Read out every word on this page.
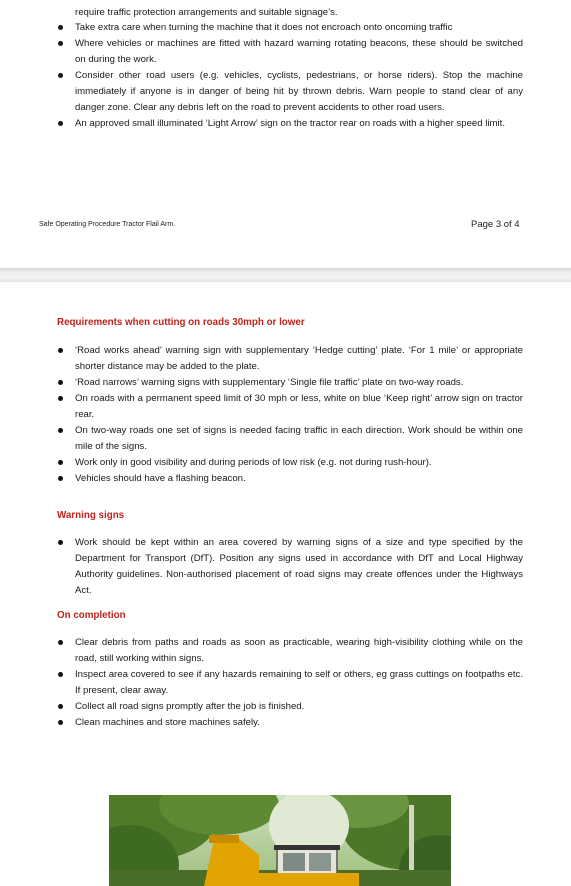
require traffic protection arrangements and suitable signage’s.
Take extra care when turning the machine that it does not encroach onto oncoming traffic
Where vehicles or machines are fitted with hazard warning rotating beacons, these should be switched on during the work.
Consider other road users (e.g. vehicles, cyclists, pedestrians, or horse riders). Stop the machine immediately if anyone is in danger of being hit by thrown debris. Warn people to stand clear of any danger zone. Clear any debris left on the road to prevent accidents to other road users.
An approved small illuminated ‘Light Arrow’ sign on the tractor rear on roads with a higher speed limit.
Safe Operating Procedure Tractor Flail Arm.	Page 3 of 4
Requirements when cutting on roads 30mph or lower
‘Road works ahead’ warning sign with supplementary ‘Hedge cutting’ plate. ‘For 1 mile’ or appropriate shorter distance may be added to the plate.
‘Road narrows’ warning signs with supplementary ‘Single file traffic’ plate on two-way roads.
On roads with a permanent speed limit of 30 mph or less, white on blue ‘Keep right’ arrow sign on tractor rear.
On two-way roads one set of signs is needed facing traffic in each direction. Work should be within one mile of the signs.
Work only in good visibility and during periods of low risk (e.g. not during rush-hour).
Vehicles should have a flashing beacon.
Warning signs
Work should be kept within an area covered by warning signs of a size and type specified by the Department for Transport (DfT). Position any signs used in accordance with DfT and Local Highway Authority guidelines. Non-authorised placement of road signs may create offences under the Highways Act.
On completion
Clear debris from paths and roads as soon as practicable, wearing high-visibility clothing while on the road, still working within signs.
Inspect area covered to see if any hazards remaining to self or others, eg grass cuttings on footpaths etc. If present, clear away.
Collect all road signs promptly after the job is finished.
Clean machines and store machines safely.
